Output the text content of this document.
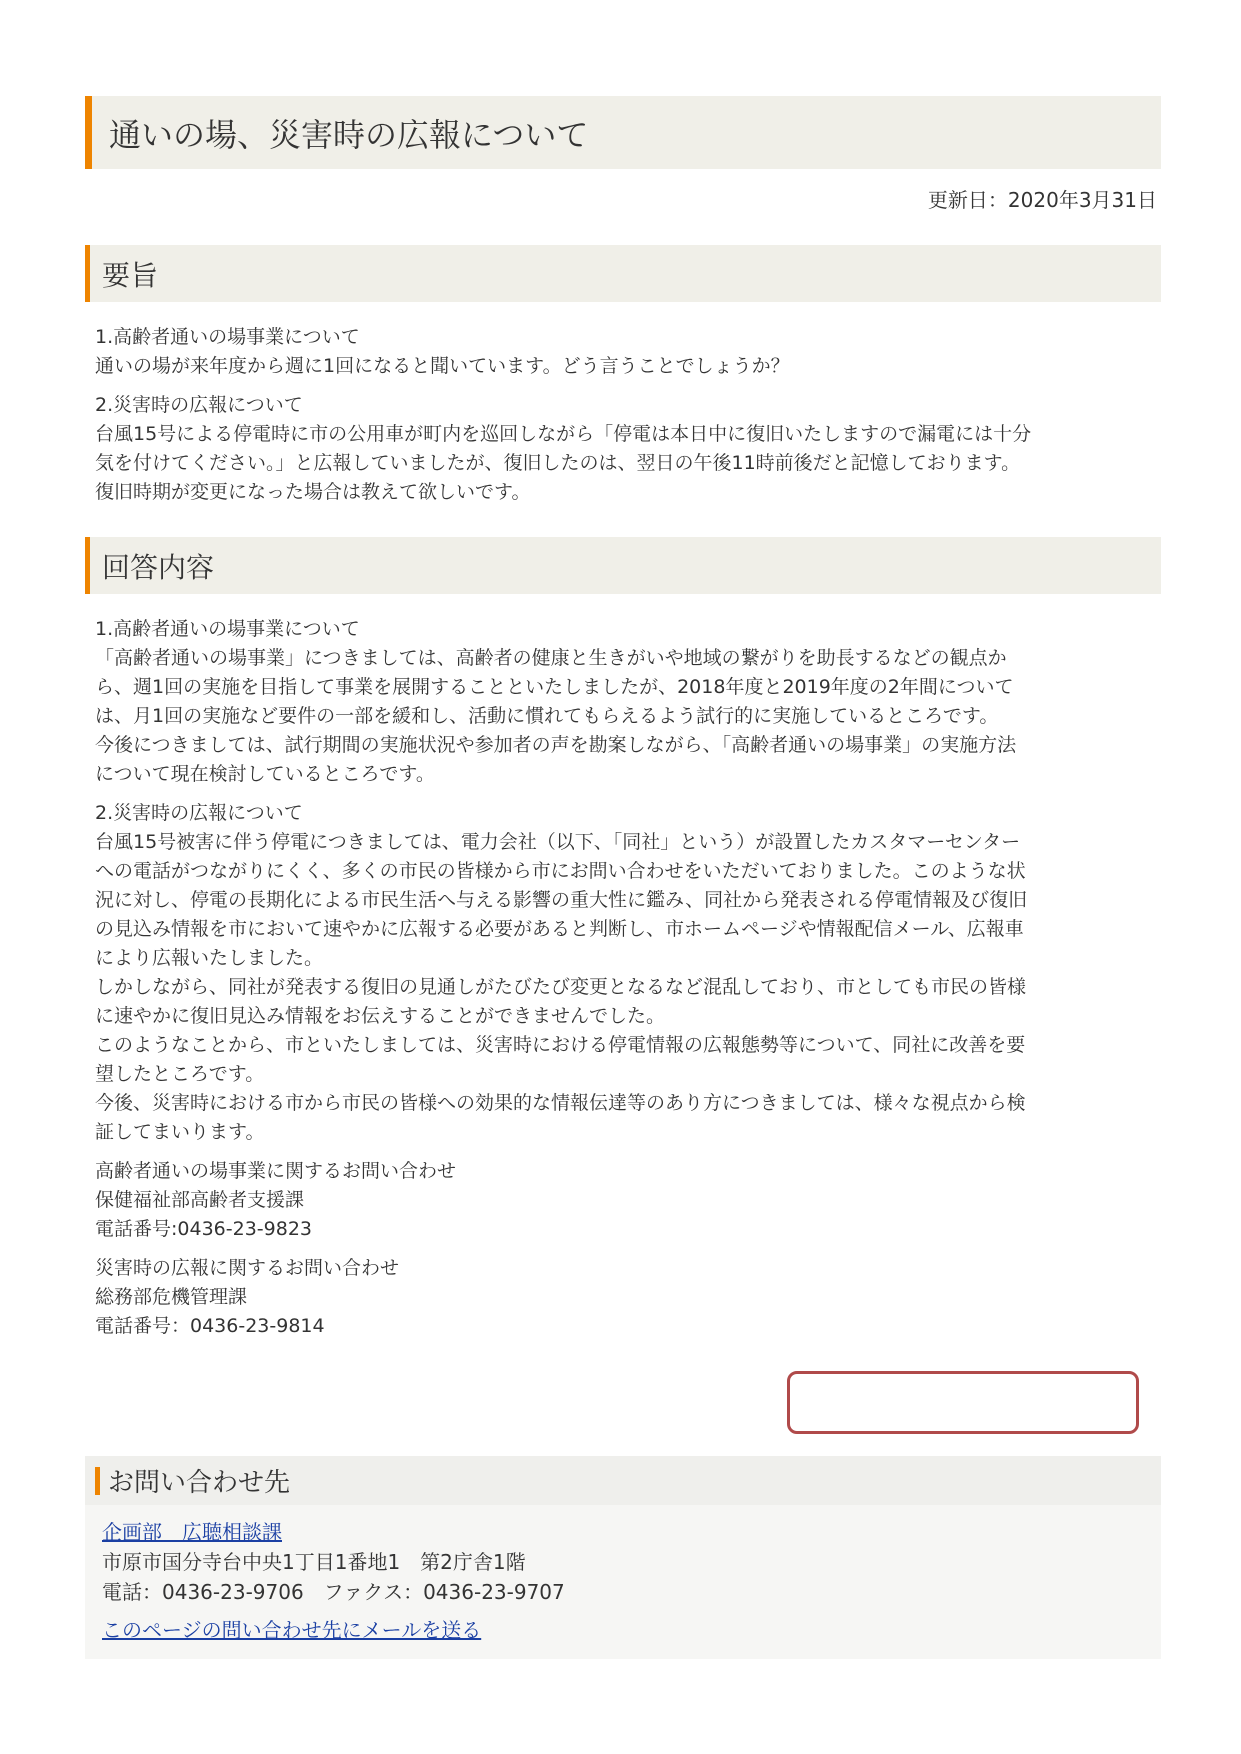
通いの場、災害時の広報について
更新日：2020年3月31日
要旨

1.高齢者通いの場事業について

通いの場が来年度から週に1回になると聞いています。どう言うことでしょうか？

2.災害時の広報について

台風15号による停電時に市の公用車が町内を巡回しながら「停電は本日中に復旧いたしますので漏電には十分

気を付けてください。」と広報していましたが、復旧したのは、翌日の午後11時前後だと記憶しております。

復旧時期が変更になった場合は教えて欲しいです。

回答内容

1.高齢者通いの場事業について

「高齢者通いの場事業」につきましては、高齢者の健康と生きがいや地域の繋がりを助長するなどの観点か

ら、週1回の実施を目指して事業を展開することといたしましたが、2018年度と2019年度の2年間について

は、月1回の実施など要件の一部を緩和し、活動に慣れてもらえるよう試行的に実施しているところです。

今後につきましては、試行期間の実施状況や参加者の声を勘案しながら、「高齢者通いの場事業」の実施方法

について現在検討しているところです。

2.災害時の広報について

台風15号被害に伴う停電につきましては、電力会社（以下、「同社」という）が設置したカスタマーセンター

への電話がつながりにくく、多くの市民の皆様から市にお問い合わせをいただいておりました。このような状

況に対し、停電の長期化による市民生活へ与える影響の重大性に鑑み、同社から発表される停電情報及び復旧

の見込み情報を市において速やかに広報する必要があると判断し、市ホームページや情報配信メール、広報車

により広報いたしました。

しかしながら、同社が発表する復旧の見通しがたびたび変更となるなど混乱しており、市としても市民の皆様

に速やかに復旧見込み情報をお伝えすることができませんでした。

このようなことから、市といたしましては、災害時における停電情報の広報態勢等について、同社に改善を要

望したところです。

今後、災害時における市から市民の皆様への効果的な情報伝達等のあり方につきましては、様々な視点から検

証してまいります。

高齢者通いの場事業に関するお問い合わせ

保健福祉部高齢者支援課

電話番号:0436-23-9823

災害時の広報に関するお問い合わせ

総務部危機管理課

電話番号：0436-23-9814

お問い合わせ先
企画部　広聴相談課
市原市国分寺台中央1丁目1番地1　第2庁舎1階
電話：0436-23-9706　ファクス：0436-23-9707
このページの問い合わせ先にメールを送る
